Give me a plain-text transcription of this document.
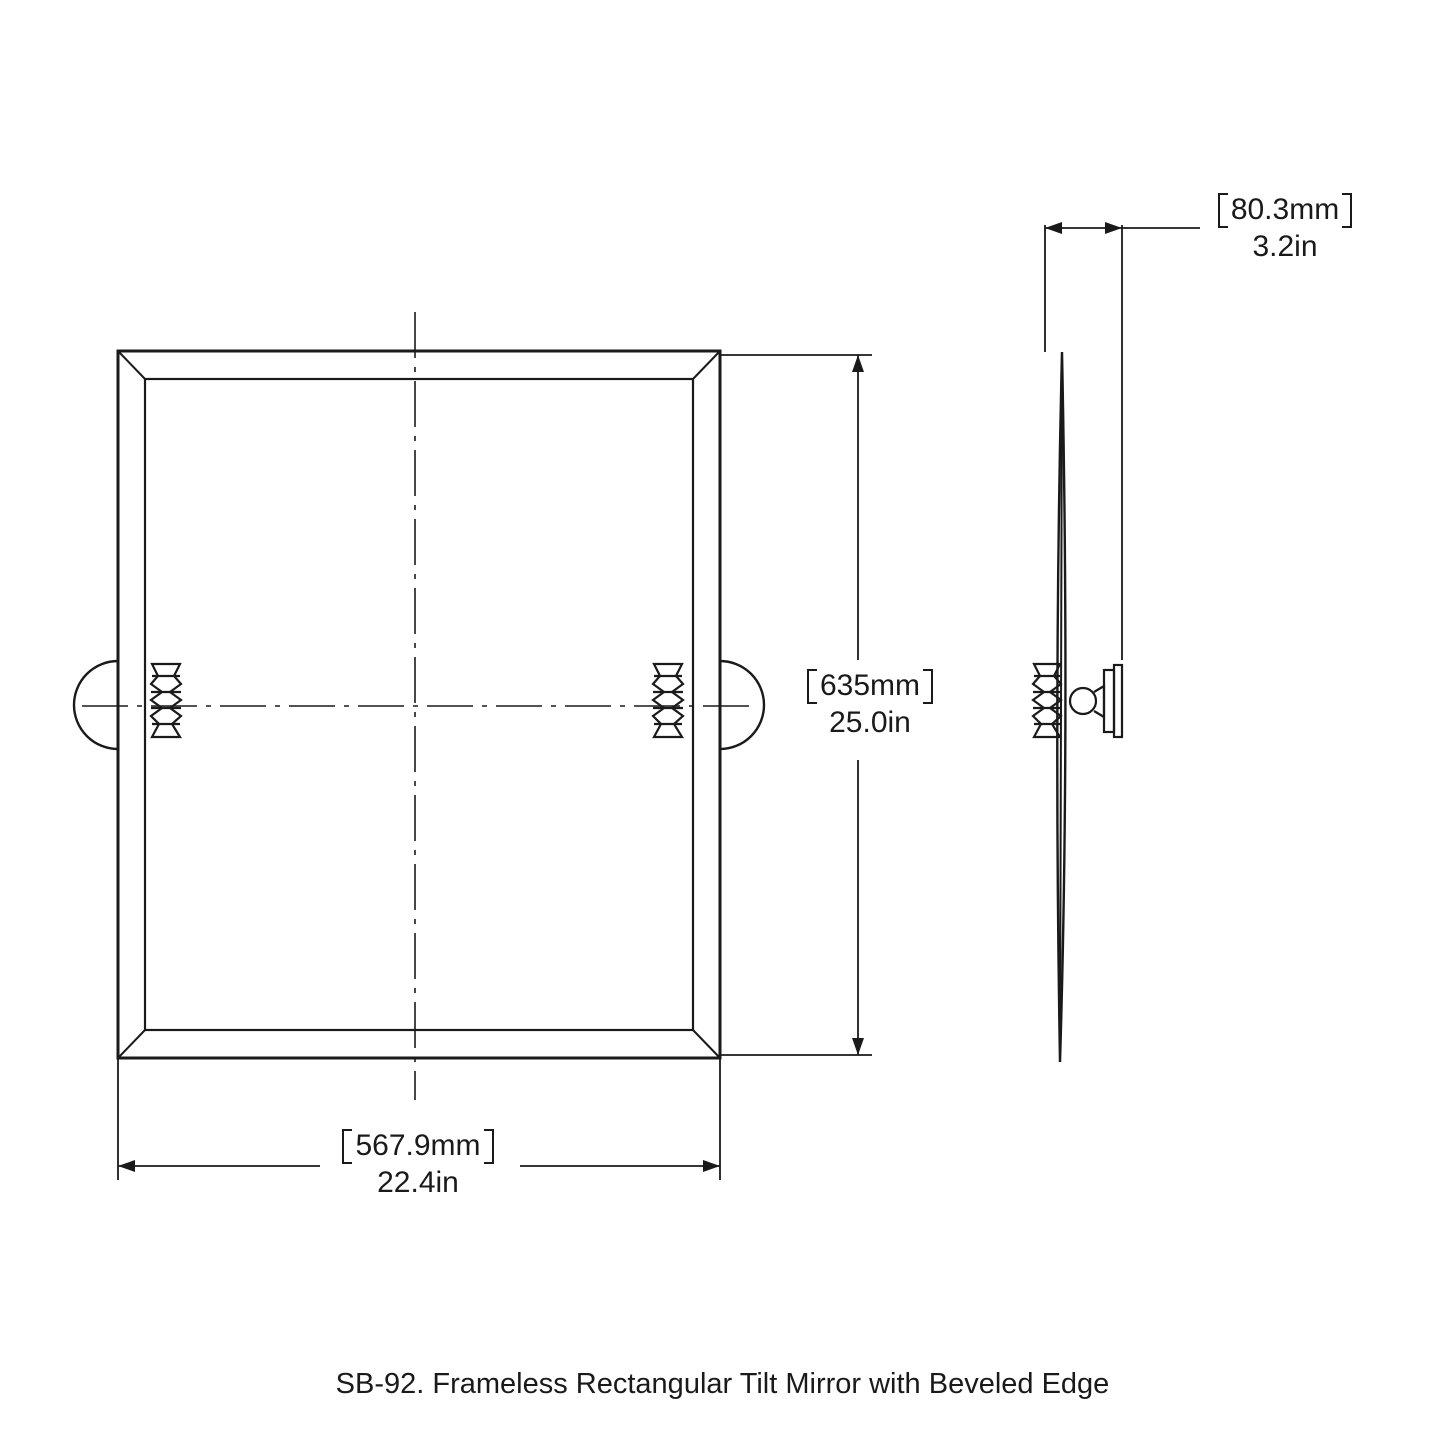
635mm
25.0in
567.9mm
22.4in
80.3mm
3.2in
SB-92. Frameless Rectangular Tilt Mirror with Beveled Edge
